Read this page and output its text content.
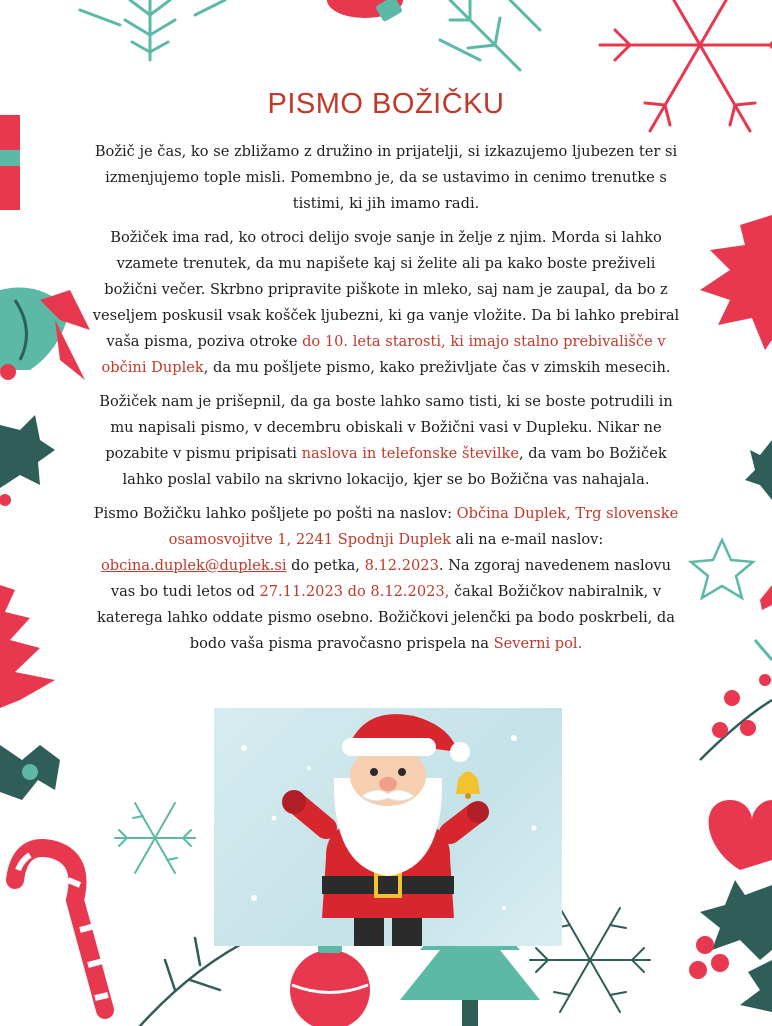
PISMO BOŽIČKU

Božič je čas, ko se zbližamo z družino in prijatelji, si izkazujemo ljubezen ter si izmenjujemo tople misli. Pomembno je, da se ustavimo in cenimo trenutke s tistimi, ki jih imamo radi.

Božiček ima rad, ko otroci delijo svoje sanje in želje z njim. Morda si lahko vzamete trenutek, da mu napišete kaj si želite ali pa kako boste preživeli božični večer. Skrbno pripravite piškote in mleko, saj nam je zaupal, da bo z veseljem poskusil vsak košček ljubezni, ki ga vanje vložite. Da bi lahko prebiral vaša pisma, poziva otroke do 10. leta starosti, ki imajo stalno prebivališče v občini Duplek, da mu pošljete pismo, kako preživljate čas v zimskih mesecih.

Božiček nam je prišepnil, da ga boste lahko samo tisti, ki se boste potrudili in mu napisali pismo, v decembru obiskali v Božični vasi v Dupleku. Nikar ne pozabite v pismu pripisati naslova in telefonske številke, da vam bo Božiček lahko poslal vabilo na skrivno lokacijo, kjer se bo Božična vas nahajala.

Pismo Božičku lahko pošljete po pošti na naslov: Občina Duplek, Trg slovenske osamosvojitve 1, 2241 Spodnji Duplek ali na e-mail naslov: obcina.duplek@duplek.si do petka, 8.12.2023. Na zgoraj navedenem naslovu vas bo tudi letos od 27.11.2023 do 8.12.2023, čakal Božičkov nabiralnik, v katerega lahko oddate pismo osebno. Božičkovi jelenčki pa bodo poskrbeli, da bodo vaša pisma pravočasno prispela na Severni pol.
